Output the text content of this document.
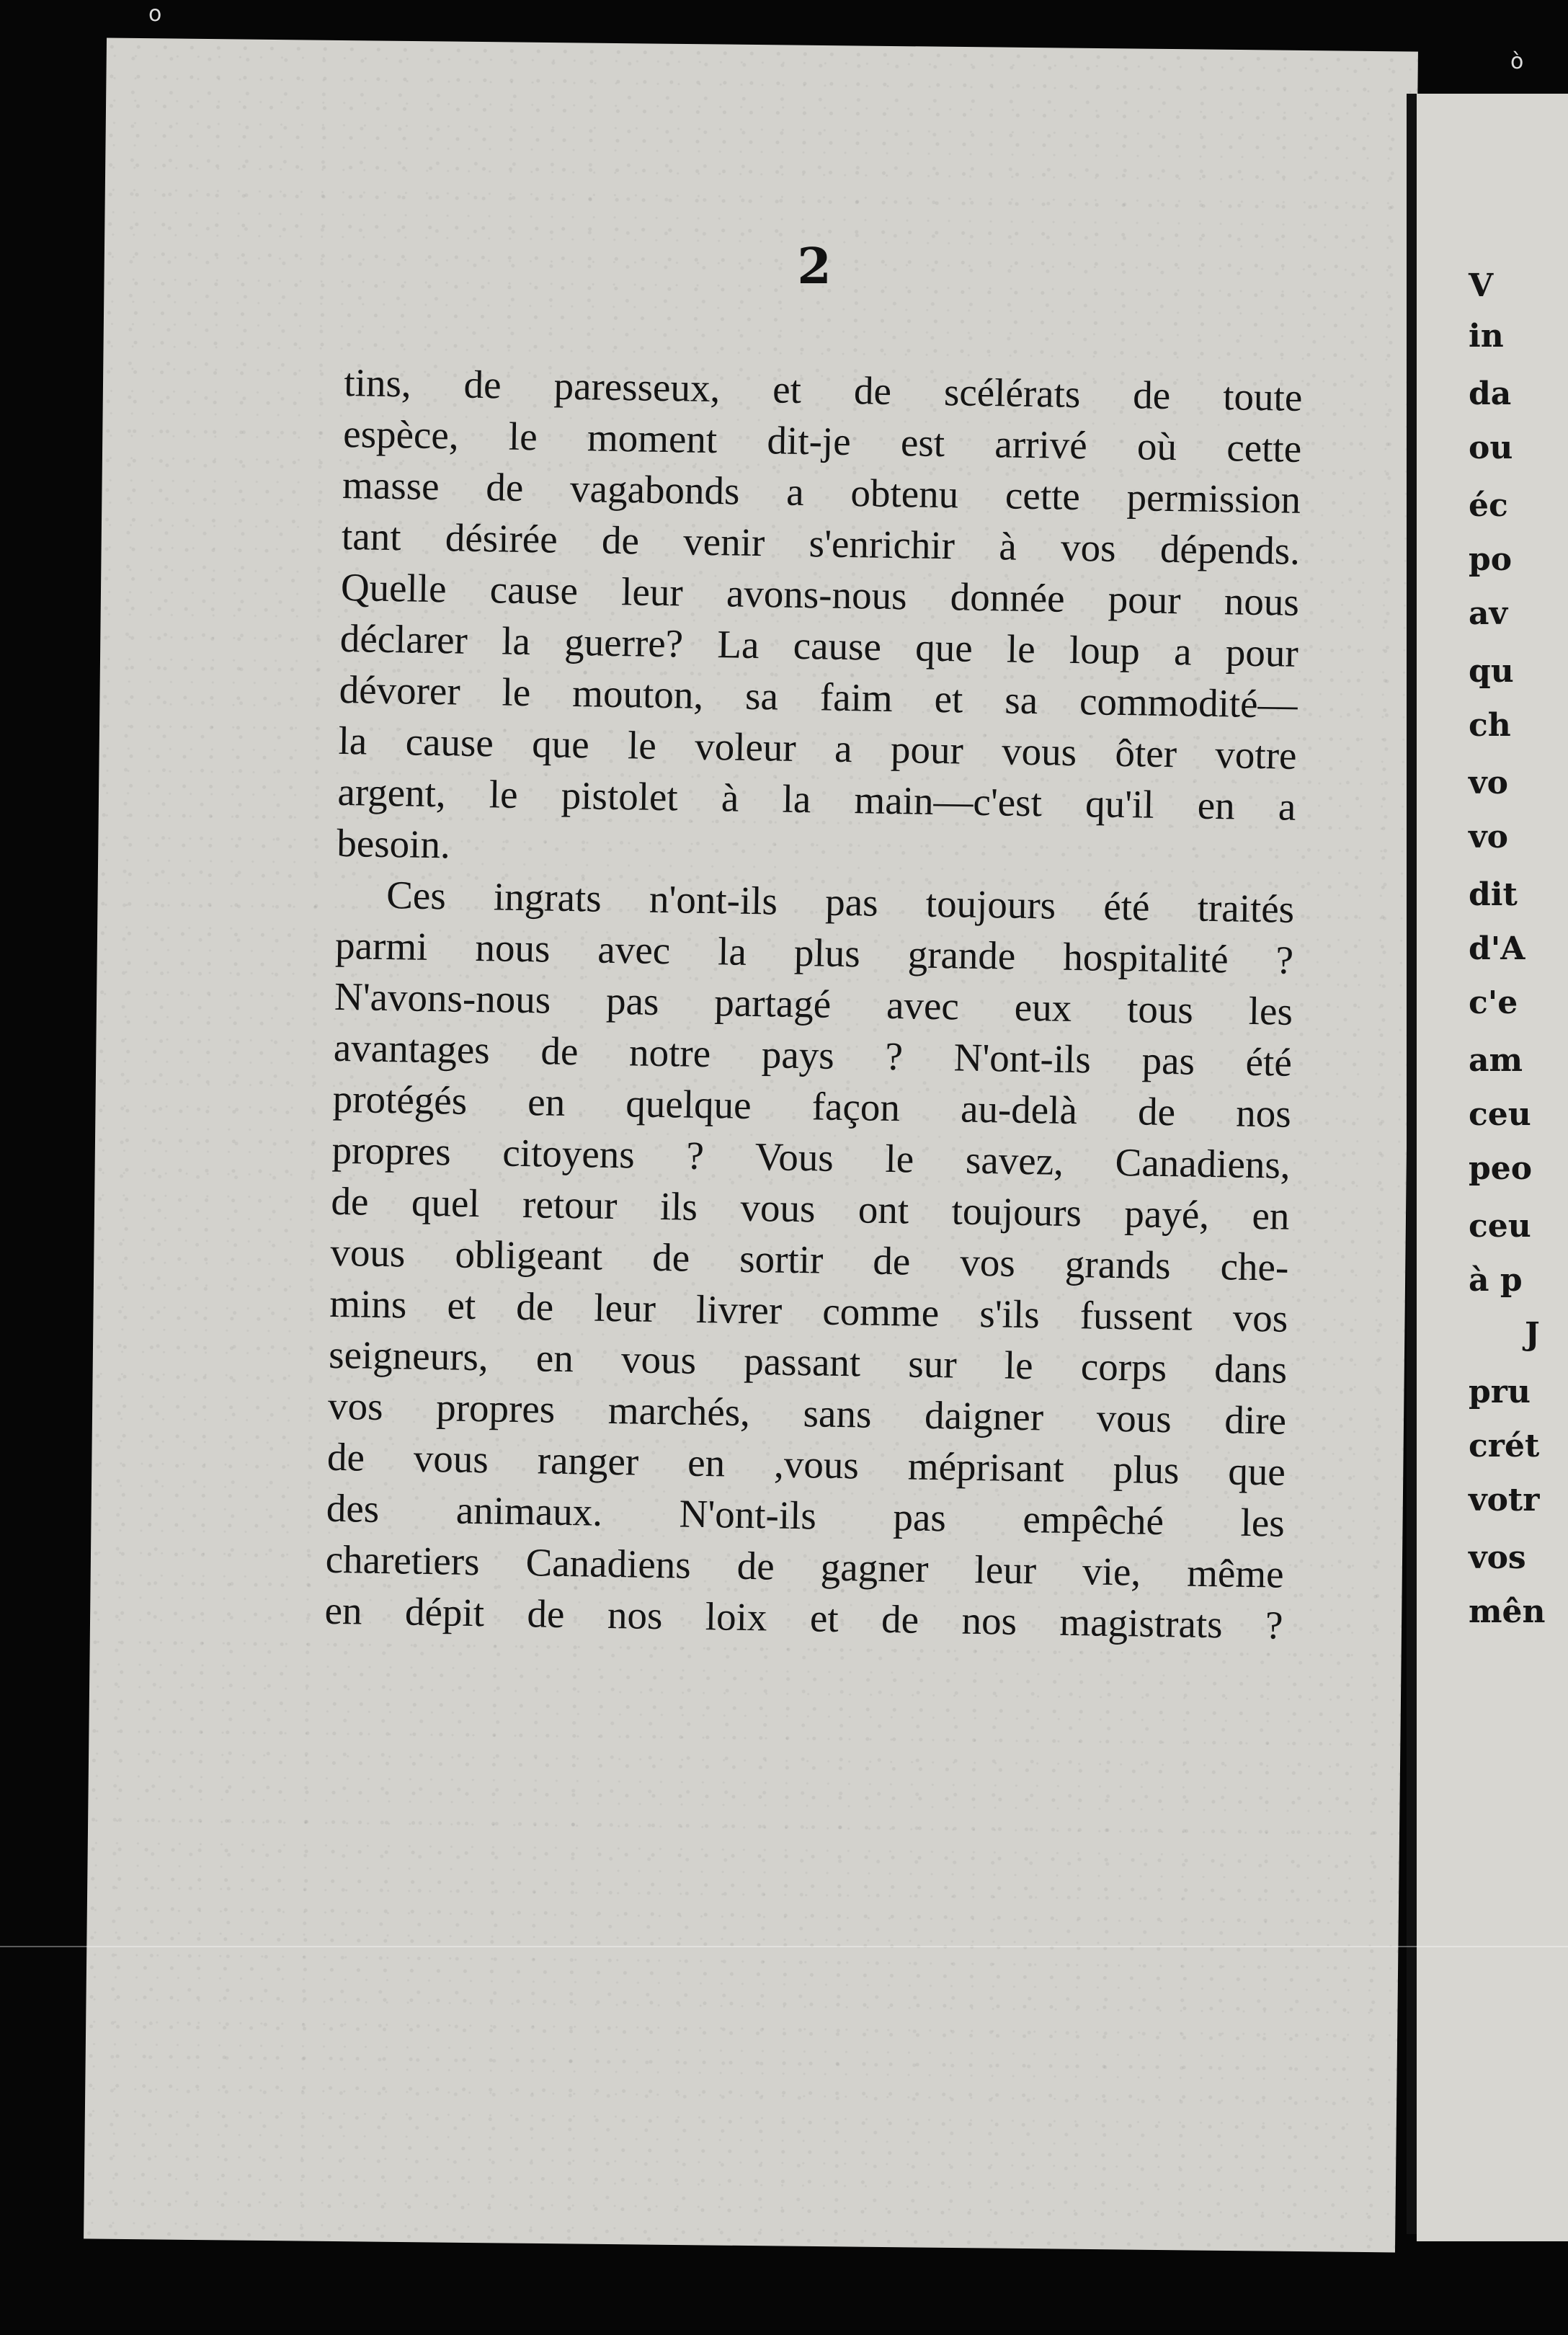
V
in
da
ou
éc
po
av
qu
ch
vo
vo
dit
d'A
c'e
am
ceu
peo
ceu
à p
J
pru
crét
votr
vos
mên
o
ò
2
tins, de paresseux, et de scélérats de toute
espèce, le moment dit-je est arrivé où cette
masse de vagabonds a obtenu cette permission
tant désirée de venir s'enrichir à vos dépends.
Quelle cause leur avons-nous donnée pour nous
déclarer la guerre? La cause que le loup a pour
dévorer le mouton, sa faim et sa commodité—
la cause que le voleur a pour vous ôter votre
argent, le pistolet à la main—c'est qu'il en a
besoin.
Ces ingrats n'ont-ils pas toujours été traités
parmi nous avec la plus grande hospitalité ?
N'avons-nous pas partagé avec eux tous les
avantages de notre pays ? N'ont-ils pas été
protégés en quelque façon au-delà de nos
propres citoyens ? Vous le savez, Canadiens,
de quel retour ils vous ont toujours payé, en
vous obligeant de sortir de vos grands che-
mins et de leur livrer comme s'ils fussent vos
seigneurs, en vous passant sur le corps dans
vos propres marchés, sans daigner vous dire
de vous ranger en ,vous méprisant plus que
des animaux. N'ont-ils pas empêché les
charetiers Canadiens de gagner leur vie, même
en dépit de nos loix et de nos magistrats ?
